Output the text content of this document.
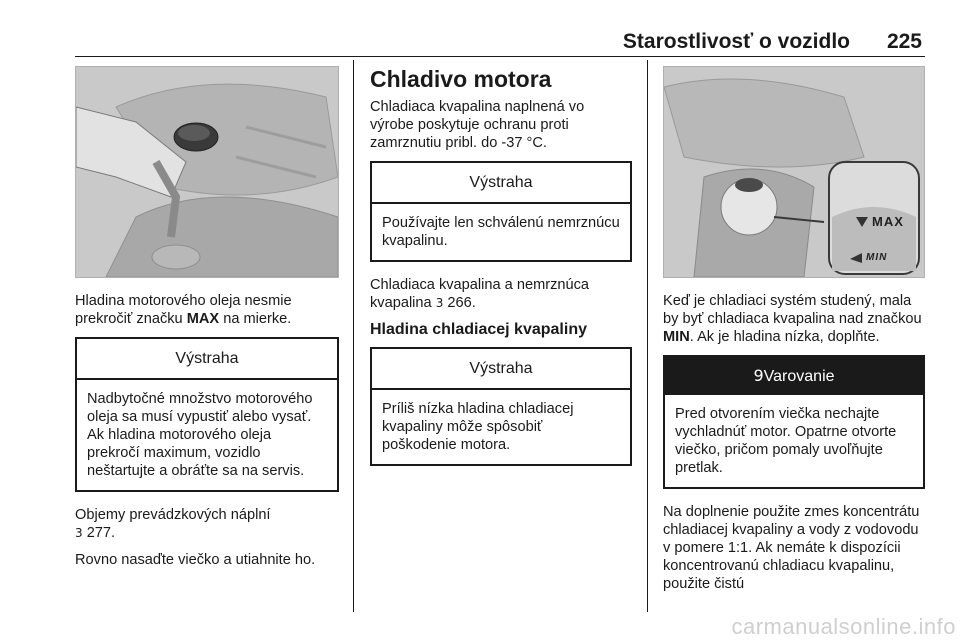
Starostlivosť o vozidlo 225

Hladina motorového oleja nesmie prekročiť značku MAX na mierke.

Výstraha
Nadbytočné množstvo motorového oleja sa musí vypustiť alebo vysať. Ak hladina motorového oleja prekročí maximum, vozidlo neštartujte a obráťte sa na servis.

Objemy prevádzkových náplní
3 277.

Rovno nasaďte viečko a utiahnite ho.

Chladivo motora

Chladiaca kvapalina naplnená vo výrobe poskytuje ochranu proti zamrznutiu pribl. do -37 °C.

Výstraha
Používajte len schválenú nemrznúcu kvapalinu.

Chladiaca kvapalina a nemrznúca kvapalina 3 266.

Hladina chladiacej kvapaliny
Výstraha
Príliš nízka hladina chladiacej kvapaliny môže spôsobiť poškodenie motora.
MAX
MIN

Keď je chladiaci systém studený, mala by byť chladiaca kvapalina nad značkou MIN. Ak je hladina nízka, doplňte.

9Varovanie
Pred otvorením viečka nechajte vychladnúť motor. Opatrne otvorte viečko, pričom pomaly uvoľňujte pretlak.

Na doplnenie použite zmes koncentrátu chladiacej kvapaliny a vody z vodovodu v pomere 1:1. Ak nemáte k dispozícii koncentrovanú chladiacu kvapalinu, použite čistú

carmanualsonline.info
